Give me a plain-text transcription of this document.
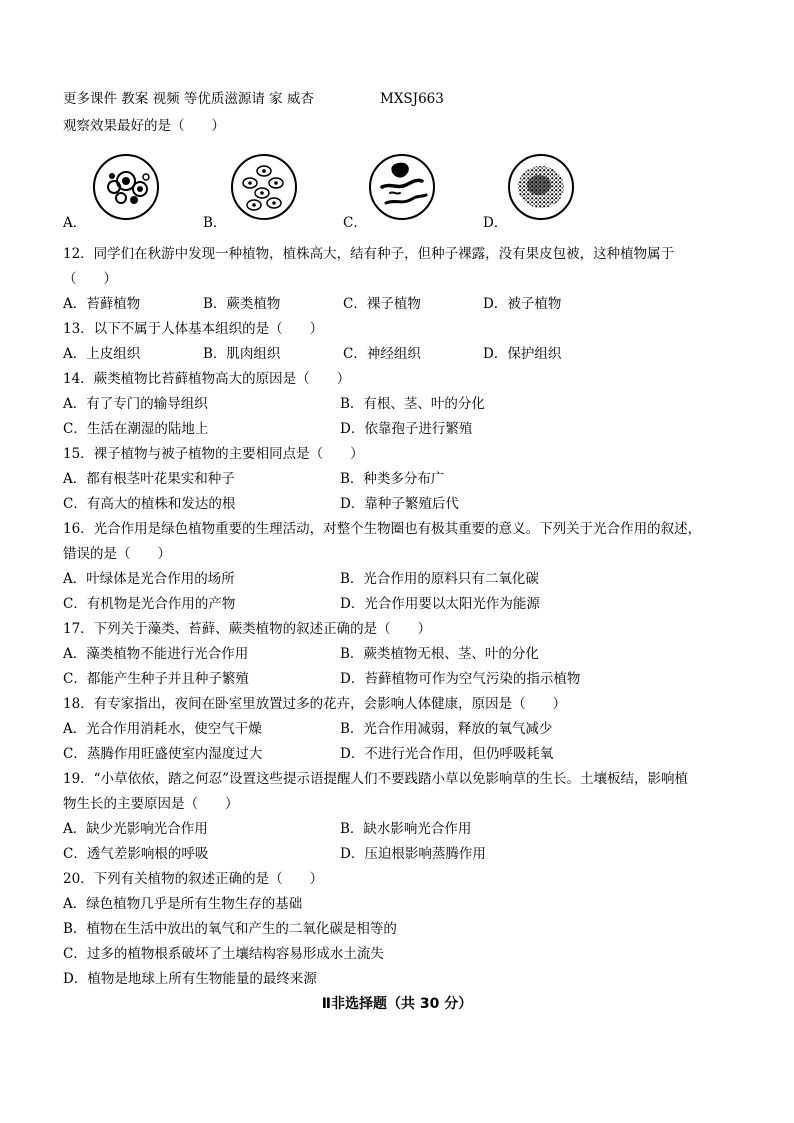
更多课件 教案 视频 等优质滋源请 家 威杏	MXSJ663
观察效果最好的是（　　）
A．	B．	C．	D．
12．同学们在秋游中发现一种植物，植株高大，结有种子，但种子裸露，没有果皮包被，这种植物属于
（　　）
A．苔藓植物	B．蕨类植物	C．裸子植物	D．被子植物
13．以下不属于人体基本组织的是（　　）
A．上皮组织	B．肌肉组织	C．神经组织	D．保护组织
14．蕨类植物比苔藓植物高大的原因是（　　）
A．有了专门的输导组织	B．有根、茎、叶的分化
C．生活在潮湿的陆地上	D．依靠孢子进行繁殖
15．裸子植物与被子植物的主要相同点是（　　）
A．都有根茎叶花果实和种子	B．种类多分布广
C．有高大的植株和发达的根	D．靠种子繁殖后代
16．光合作用是绿色植物重要的生理活动，对整个生物圈也有极其重要的意义。下列关于光合作用的叙述，
错误的是（　　）
A．叶绿体是光合作用的场所	B．光合作用的原料只有二氧化碳
C．有机物是光合作用的产物	D．光合作用要以太阳光作为能源
17．下列关于藻类、苔藓、蕨类植物的叙述正确的是（　　）
A．藻类植物不能进行光合作用	B．蕨类植物无根、茎、叶的分化
C．都能产生种子并且种子繁殖	D．苔藓植物可作为空气污染的指示植物
18．有专家指出，夜间在卧室里放置过多的花卉，会影响人体健康，原因是（　　）
A．光合作用消耗水，使空气干燥	B．光合作用减弱，释放的氧气减少
C．蒸腾作用旺盛使室内湿度过大	D．不进行光合作用，但仍呼吸耗氧
19．“小草依依，踏之何忍”设置这些提示语提醒人们不要践踏小草以免影响草的生长。土壤板结，影响植
物生长的主要原因是（　　）
A．缺少光影响光合作用	B．缺水影响光合作用
C．透气差影响根的呼吸	D．压迫根影响蒸腾作用
20．下列有关植物的叙述正确的是（　　）
A．绿色植物几乎是所有生物生存的基础
B．植物在生活中放出的氧气和产生的二氧化碳是相等的
C．过多的植物根系破坏了土壤结构容易形成水土流失
D．植物是地球上所有生物能量的最终来源
Ⅱ非选择题（共 30 分）
